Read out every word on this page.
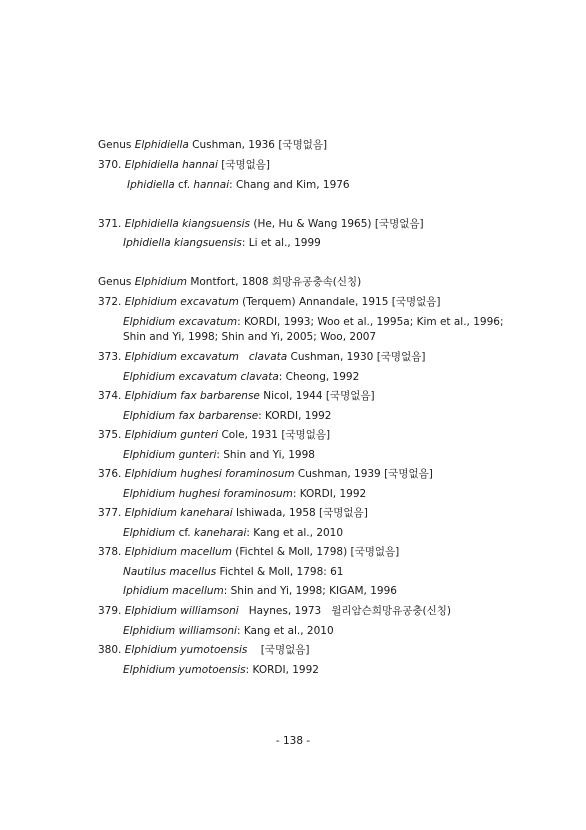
Genus Elphidiella Cushman, 1936 [국명없음]
370. Elphidiella hannai [국명없음]
Iphidiella cf. hannai: Chang and Kim, 1976
371. Elphidiella kiangsuensis (He, Hu & Wang 1965) [국명없음]
Iphidiella kiangsuensis: Li et al., 1999
Genus Elphidium Montfort, 1808 희망유공충속(신칭)
372. Elphidium excavatum (Terquem) Annandale, 1915 [국명없음]
Elphidium excavatum: KORDI, 1993; Woo et al., 1995a; Kim et al., 1996;
Shin and Yi, 1998; Shin and Yi, 2005; Woo, 2007
373. Elphidium excavatum   clavata Cushman, 1930 [국명없음]
Elphidium excavatum clavata: Cheong, 1992
374. Elphidium fax barbarense Nicol, 1944 [국명없음]
Elphidium fax barbarense: KORDI, 1992
375. Elphidium gunteri Cole, 1931 [국명없음]
Elphidium gunteri: Shin and Yi, 1998
376. Elphidium hughesi foraminosum Cushman, 1939 [국명없음]
Elphidium hughesi foraminosum: KORDI, 1992
377. Elphidium kaneharai Ishiwada, 1958 [국명없음]
Elphidium cf. kaneharai: Kang et al., 2010
378. Elphidium macellum (Fichtel & Moll, 1798) [국명없음]
Nautilus macellus Fichtel & Moll, 1798: 61
Iphidium macellum: Shin and Yi, 1998; KIGAM, 1996
379. Elphidium williamsoni   Haynes, 1973   윌리암슨희망유공충(신칭)
Elphidium williamsoni: Kang et al., 2010
380. Elphidium yumotoensis    [국명없음]
Elphidium yumotoensis: KORDI, 1992
- 138 -
